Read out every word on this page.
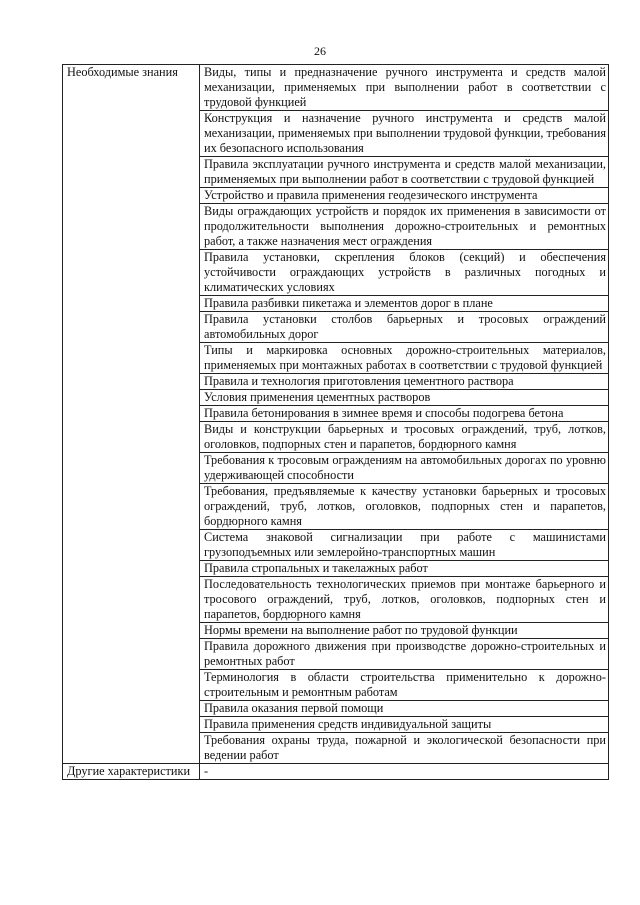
26
Необходимые знания	Виды, типы и предназначение ручного инструмента и средств малой механизации, применяемых при выполнении работ в соответствии с трудовой функцией
	Конструкция и назначение ручного инструмента и средств малой механизации, применяемых при выполнении трудовой функции, требования их безопасного использования
	Правила эксплуатации ручного инструмента и средств малой механизации, применяемых при выполнении работ в соответствии с трудовой функцией
	Устройство и правила применения геодезического инструмента
	Виды ограждающих устройств и порядок их применения в зависимости от продолжительности выполнения дорожно-строительных и ремонтных работ, а также назначения мест ограждения
	Правила установки, скрепления блоков (секций) и обеспечения устойчивости ограждающих устройств в различных погодных и климатических условиях
	Правила разбивки пикетажа и элементов дорог в плане
	Правила установки столбов барьерных и тросовых ограждений автомобильных дорог
	Типы и маркировка основных дорожно-строительных материалов, применяемых при монтажных работах в соответствии с трудовой функцией
	Правила и технология приготовления цементного раствора
	Условия применения цементных растворов
	Правила бетонирования в зимнее время и способы подогрева бетона
	Виды и конструкции барьерных и тросовых ограждений, труб, лотков, оголовков, подпорных стен и парапетов, бордюрного камня
	Требования к тросовым ограждениям на автомобильных дорогах по уровню удерживающей способности
	Требования, предъявляемые к качеству установки барьерных и тросовых ограждений, труб, лотков, оголовков, подпорных стен и парапетов, бордюрного камня
	Система знаковой сигнализации при работе с машинистами грузоподъемных или землеройно-транспортных машин
	Правила стропальных и такелажных работ
	Последовательность технологических приемов при монтаже барьерного и тросового ограждений, труб, лотков, оголовков, подпорных стен и парапетов, бордюрного камня
	Нормы времени на выполнение работ по трудовой функции
	Правила дорожного движения при производстве дорожно-строительных и ремонтных работ
	Терминология в области строительства применительно к дорожно-строительным и ремонтным работам
	Правила оказания первой помощи
	Правила применения средств индивидуальной защиты
	Требования охраны труда, пожарной и экологической безопасности при ведении работ
Другие характеристики	-
